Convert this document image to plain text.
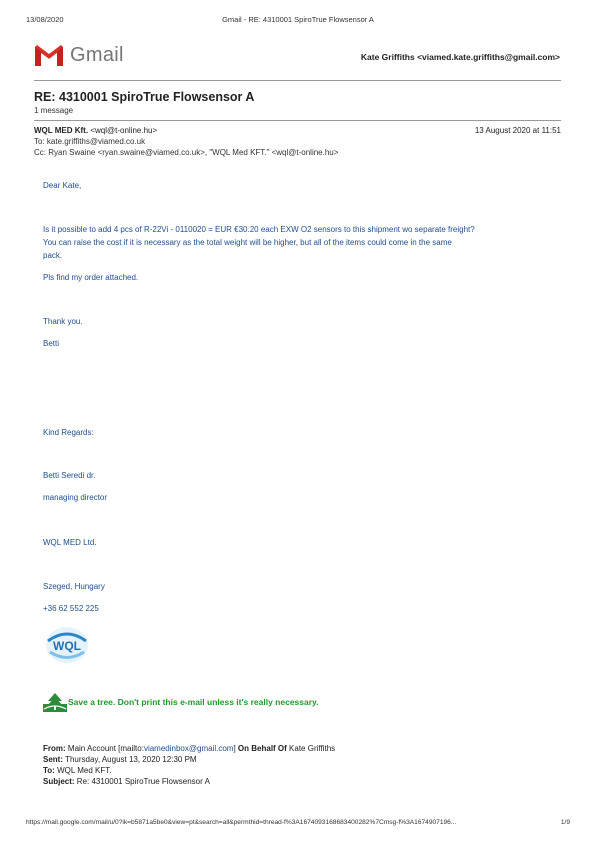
13/08/2020	Gmail - RE: 4310001 SpiroTrue Flowsensor A
Gmail	Kate Griffiths <viamed.kate.griffiths@gmail.com>
RE: 4310001 SpiroTrue Flowsensor A
1 message
WQL MED Kft. <wql@t-online.hu>	13 August 2020 at 11:51
To: kate.griffiths@viamed.co.uk
Cc: Ryan Swaine <ryan.swaine@viamed.co.uk>, "WQL Med KFT." <wql@t-online.hu>
Dear Kate,
Is it possible to add 4 pcs of R-22Vi - 0110020 = EUR €30.20 each EXW O2 sensors to this shipment wo separate freight?
You can raise the cost if it is necessary as the total weight will be higher, but all of the items could come in the same
pack.
Pls find my order attached.
Thank you.
Betti
Kind Regards:
Betti Seredi dr.
managing director
WQL MED Ltd.
Szeged, Hungary
+36 62 552 225
WQL
Save a tree. Don't print this e-mail unless it's really necessary.
From: Main Account [mailto:viamedinbox@gmail.com] On Behalf Of Kate Griffiths
Sent: Thursday, August 13, 2020 12:30 PM
To: WQL Med KFT.
Subject: Re: 4310001 SpiroTrue Flowsensor A
https://mail.google.com/mail/u/0?ik=b5871a5be0&view=pt&search=all&permthid=thread-f%3A1674093168683400282%7Cmsg-f%3A1674907196...	1/9
